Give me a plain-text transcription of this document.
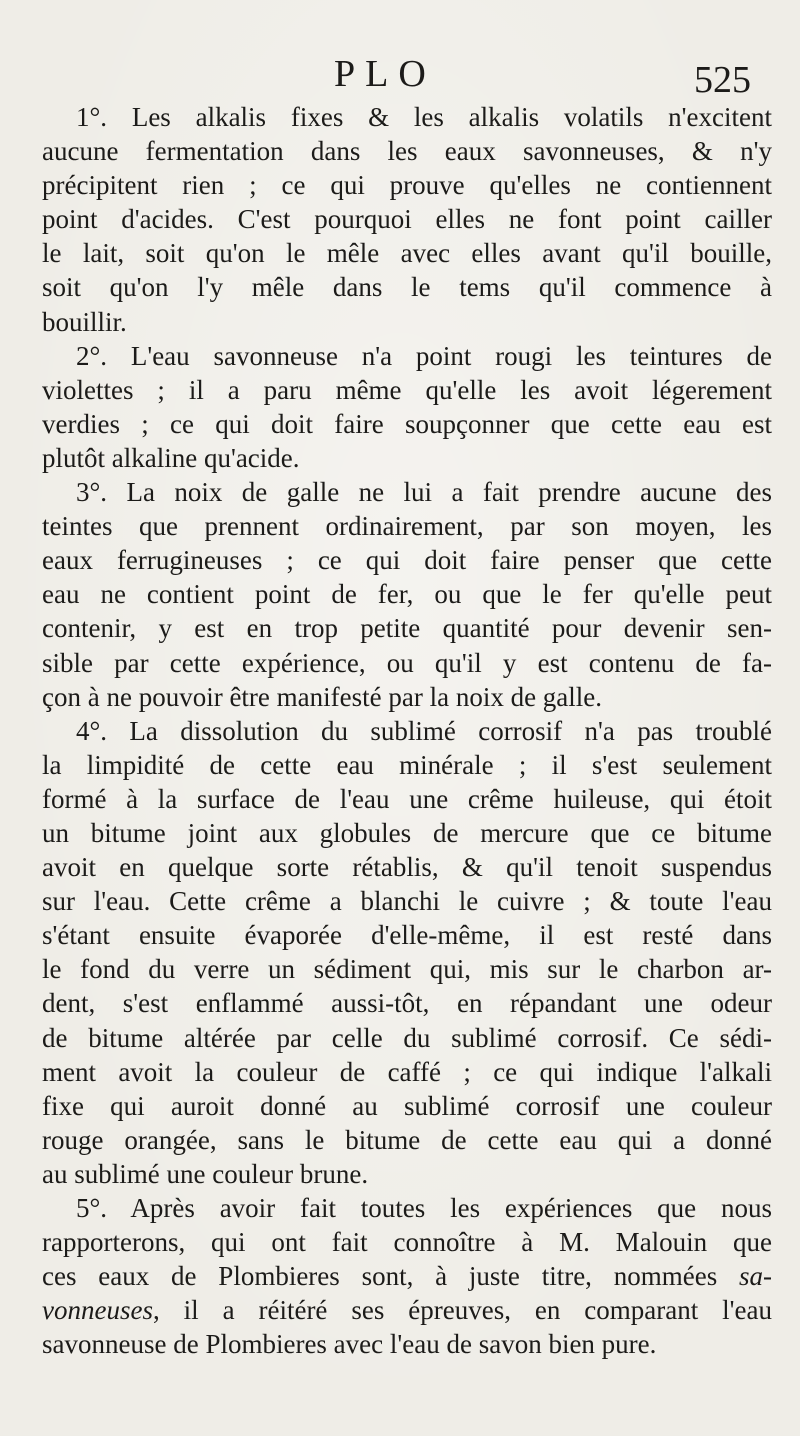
PLO	525
1°. Les alkalis fixes & les alkalis volatils n'excitent
aucune fermentation dans les eaux savonneuses, & n'y
précipitent rien ; ce qui prouve qu'elles ne contiennent
point d'acides. C'est pourquoi elles ne font point cailler
le lait, soit qu'on le mêle avec elles avant qu'il bouille,
soit qu'on l'y mêle dans le tems qu'il commence à
bouillir.
2°. L'eau savonneuse n'a point rougi les teintures de
violettes ; il a paru même qu'elle les avoit légerement
verdies ; ce qui doit faire soupçonner que cette eau est
plutôt alkaline qu'acide.
3°. La noix de galle ne lui a fait prendre aucune des
teintes que prennent ordinairement, par son moyen, les
eaux ferrugineuses ; ce qui doit faire penser que cette
eau ne contient point de fer, ou que le fer qu'elle peut
contenir, y est en trop petite quantité pour devenir sen-
sible par cette expérience, ou qu'il y est contenu de fa-
çon à ne pouvoir être manifesté par la noix de galle.
4°. La dissolution du sublimé corrosif n'a pas troublé
la limpidité de cette eau minérale ; il s'est seulement
formé à la surface de l'eau une crême huileuse, qui étoit
un bitume joint aux globules de mercure que ce bitume
avoit en quelque sorte rétablis, & qu'il tenoit suspendus
sur l'eau. Cette crême a blanchi le cuivre ; & toute l'eau
s'étant ensuite évaporée d'elle-même, il est resté dans
le fond du verre un sédiment qui, mis sur le charbon ar-
dent, s'est enflammé aussi-tôt, en répandant une odeur
de bitume altérée par celle du sublimé corrosif. Ce sédi-
ment avoit la couleur de caffé ; ce qui indique l'alkali
fixe qui auroit donné au sublimé corrosif une couleur
rouge orangée, sans le bitume de cette eau qui a donné
au sublimé une couleur brune.
5°. Après avoir fait toutes les expériences que nous
rapporterons, qui ont fait connoître à M. Malouin que
ces eaux de Plombieres sont, à juste titre, nommées sa-
vonneuses, il a réitéré ses épreuves, en comparant l'eau
savonneuse de Plombieres avec l'eau de savon bien pure.
